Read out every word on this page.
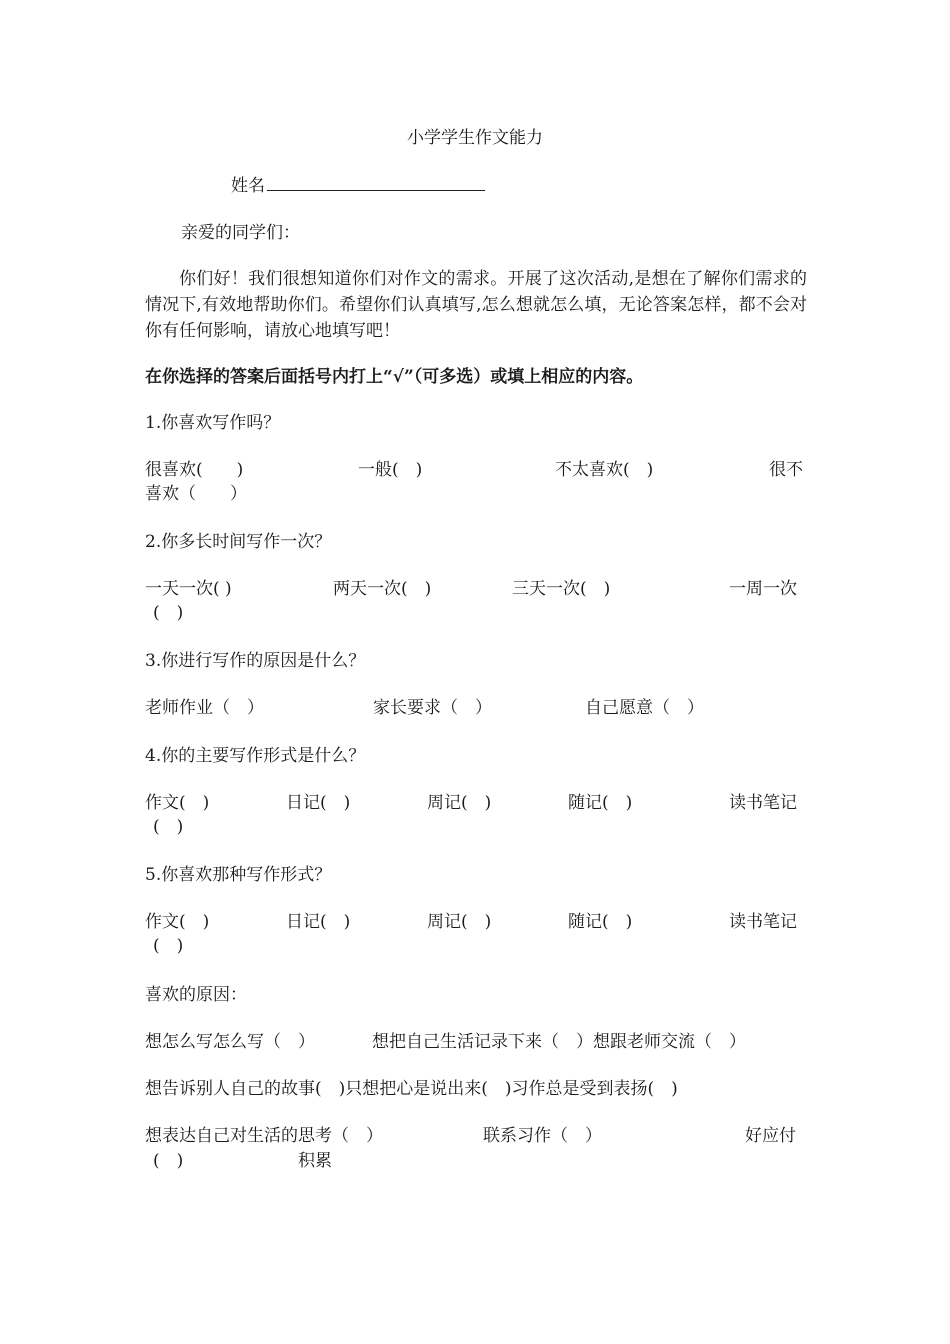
小学学生作文能力
姓名
亲爱的同学们：
你们好！我们很想知道你们对作文的需求。开展了这次活动,是想在了解你们需求的情况下,有效地帮助你们。希望你们认真填写,怎么想就怎么填，无论答案怎样，都不会对你有任何影响，请放心地填写吧！
在你选择的答案后面括号内打上“√”（可多选）或填上相应的内容。
1.你喜欢写作吗？
很喜欢(　　)	一般(　)	不太喜欢(　)	很不
喜欢（　　）
2.你多长时间写作一次？
一天一次( )	两天一次(　)	三天一次(　)	一周一次
(　)
3.你进行写作的原因是什么？
老师作业（　）	家长要求（　）	自己愿意（　）
4.你的主要写作形式是什么？
作文(　)	日记(　)	周记(　)	随记(　)	读书笔记
(　)
5.你喜欢那种写作形式？
作文(　)	日记(　)	周记(　)	随记(　)	读书笔记
(　)
喜欢的原因：
想怎么写怎么写（　）	想把自己生活记录下来（　）想跟老师交流（　）
想告诉别人自己的故事(　)只想把心是说出来(　)习作总是受到表扬(　)
想表达自己对生活的思考（　）	联系习作（　）	好应付
(　)	积累
